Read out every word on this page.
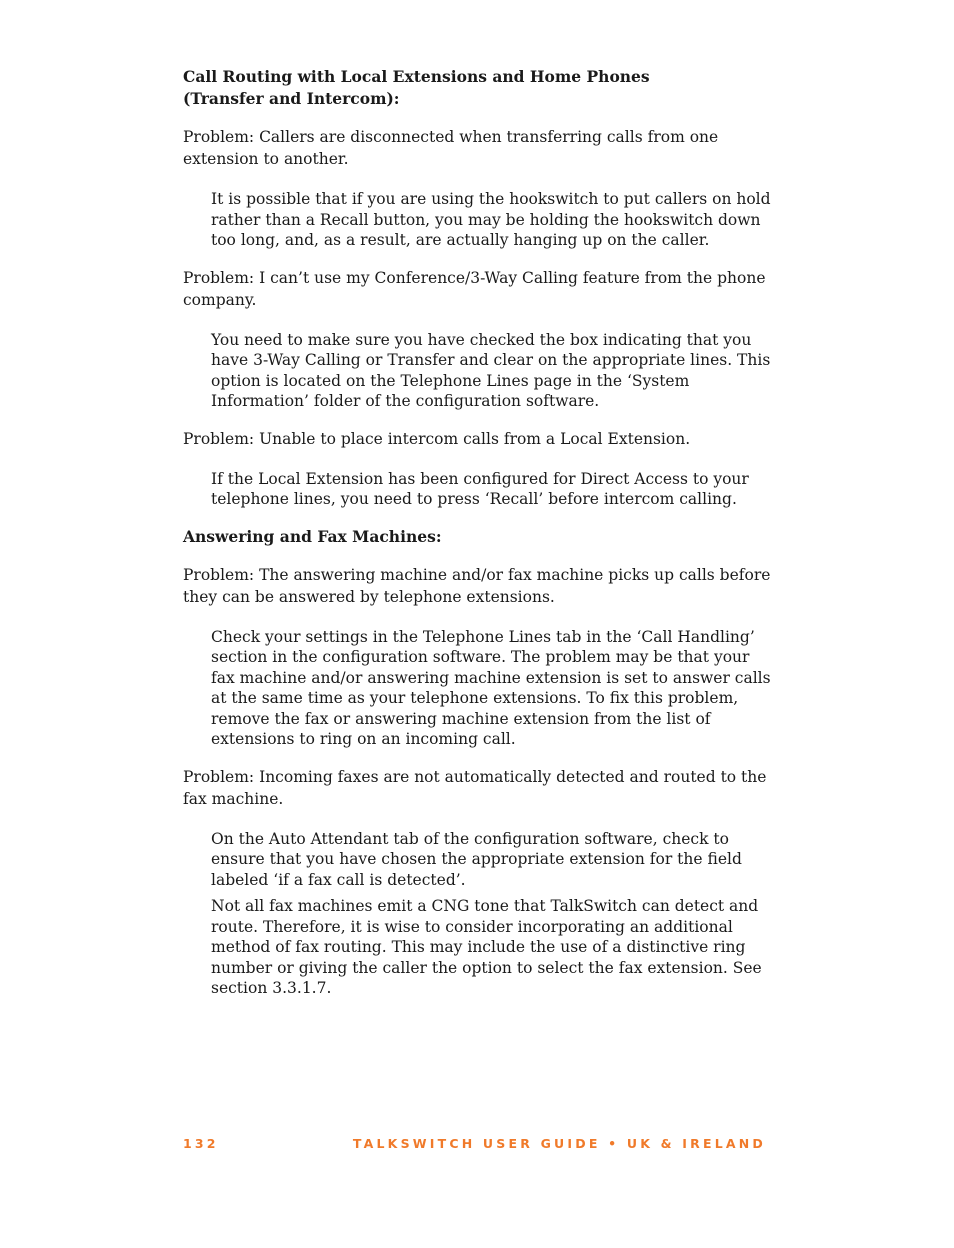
Call Routing with Local Extensions and Home Phones
(Transfer and Intercom):

Problem: Callers are disconnected when transferring calls from one extension to another.

It is possible that if you are using the hookswitch to put callers on hold rather than a Recall button, you may be holding the hookswitch down too long, and, as a result, are actually hanging up on the caller.

Problem: I can’t use my Conference/3-Way Calling feature from the phone company.

You need to make sure you have checked the box indicating that you have 3-Way Calling or Transfer and clear on the appropriate lines. This option is located on the Telephone Lines page in the ‘System Information’ folder of the configuration software.

Problem: Unable to place intercom calls from a Local Extension.

If the Local Extension has been configured for Direct Access to your telephone lines, you need to press ‘Recall’ before intercom calling.

Answering and Fax Machines:

Problem: The answering machine and/or fax machine picks up calls before they can be answered by telephone extensions.

Check your settings in the Telephone Lines tab in the ‘Call Handling’ section in the configuration software. The problem may be that your fax machine and/or answering machine extension is set to answer calls at the same time as your telephone extensions. To fix this problem, remove the fax or answering machine extension from the list of extensions to ring on an incoming call.

Problem: Incoming faxes are not automatically detected and routed to the fax machine.

On the Auto Attendant tab of the configuration software, check to ensure that you have chosen the appropriate extension for the field labeled ‘if a fax call is detected’.

Not all fax machines emit a CNG tone that TalkSwitch can detect and route. Therefore, it is wise to consider incorporating an additional method of fax routing. This may include the use of a distinctive ring number or giving the caller the option to select the fax extension. See section 3.3.1.7.

132	TALKSWITCH USER GUIDE • UK & IRELAND
